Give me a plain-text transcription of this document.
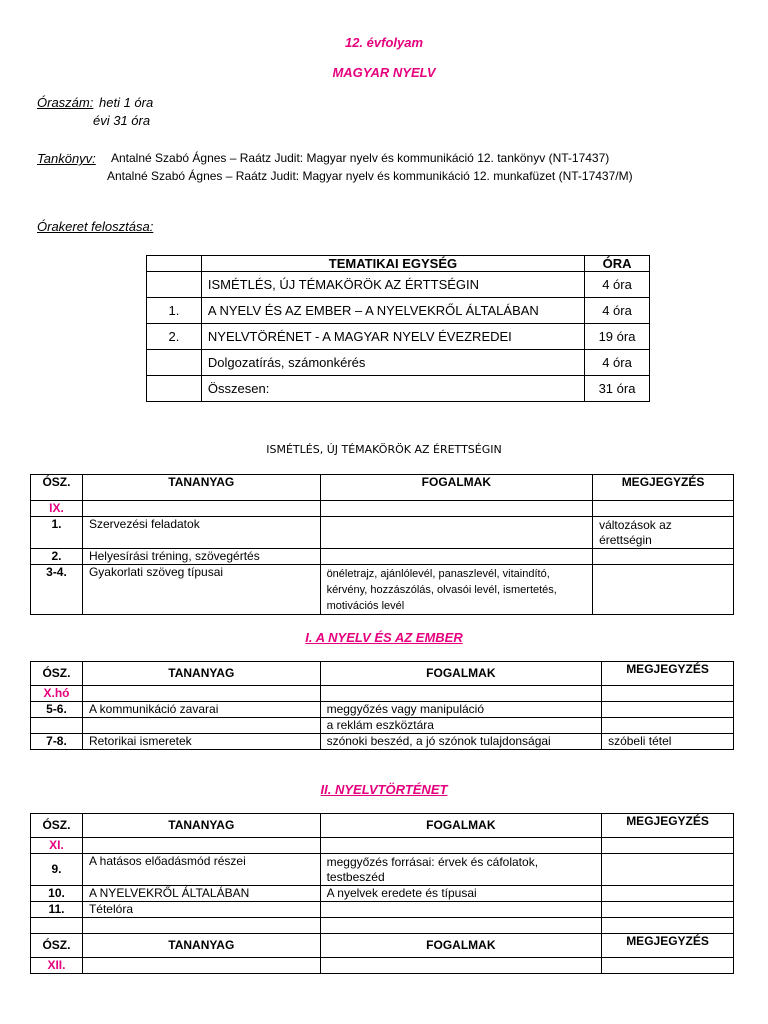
12. évfolyam
MAGYAR NYELV
Óraszám: heti 1 óra
évi 31 óra
Tankönyv: Antalné Szabó Ágnes – Raátz Judit: Magyar nyelv és kommunikáció 12. tankönyv (NT-17437)
Antalné Szabó Ágnes – Raátz Judit: Magyar nyelv és kommunikáció 12. munkafüzet (NT-17437/M)
Órakeret felosztása:
	TEMATIKAI EGYSÉG	ÓRA
	ISMÉTLÉS, ÚJ TÉMAKÖRÖK AZ ÉRTTSÉGIN	4 óra
1.	A NYELV ÉS AZ EMBER – A NYELVEKRŐL ÁLTALÁBAN	4 óra
2.	NYELVTÖRÉNET - A MAGYAR NYELV ÉVEZREDEI	19 óra
	Dolgozatírás, számonkérés	4 óra
	Összesen:	31 óra
ISMÉTLÉS, ÚJ TÉMAKÖRÖK AZ ÉRETTSÉGIN
ÓSZ.	TANANYAG	FOGALMAK	MEGJEGYZÉS
IX.			
1.	Szervezési feladatok		változások az érettségin
2.	Helyesírási tréning, szövegértés		
3-4.	Gyakorlati szöveg típusai	önéletrajz, ajánlólevél, panaszlevél, vitaindító, kérvény, hozzászólás, olvasói levél, ismertetés, motivációs levél	
I. A NYELV ÉS AZ EMBER
ÓSZ.	TANANYAG	FOGALMAK	MEGJEGYZÉS
X.hó			
5-6.	A kommunikáció zavarai	meggyőzés vagy manipuláció	
		a reklám eszköztára	
7-8.	Retorikai ismeretek	szónoki beszéd, a jó szónok tulajdonságai	szóbeli tétel
II. NYELVTÖRTÉNET
ÓSZ.	TANANYAG	FOGALMAK	MEGJEGYZÉS
XI.			
9.	A hatásos előadásmód részei	meggyőzés forrásai: érvek és cáfolatok, testbeszéd	
10.	A NYELVEKRŐL ÁLTALÁBAN	A nyelvek eredete és típusai	
11.	Tételóra		

ÓSZ.	TANANYAG	FOGALMAK	MEGJEGYZÉS
XII.			
